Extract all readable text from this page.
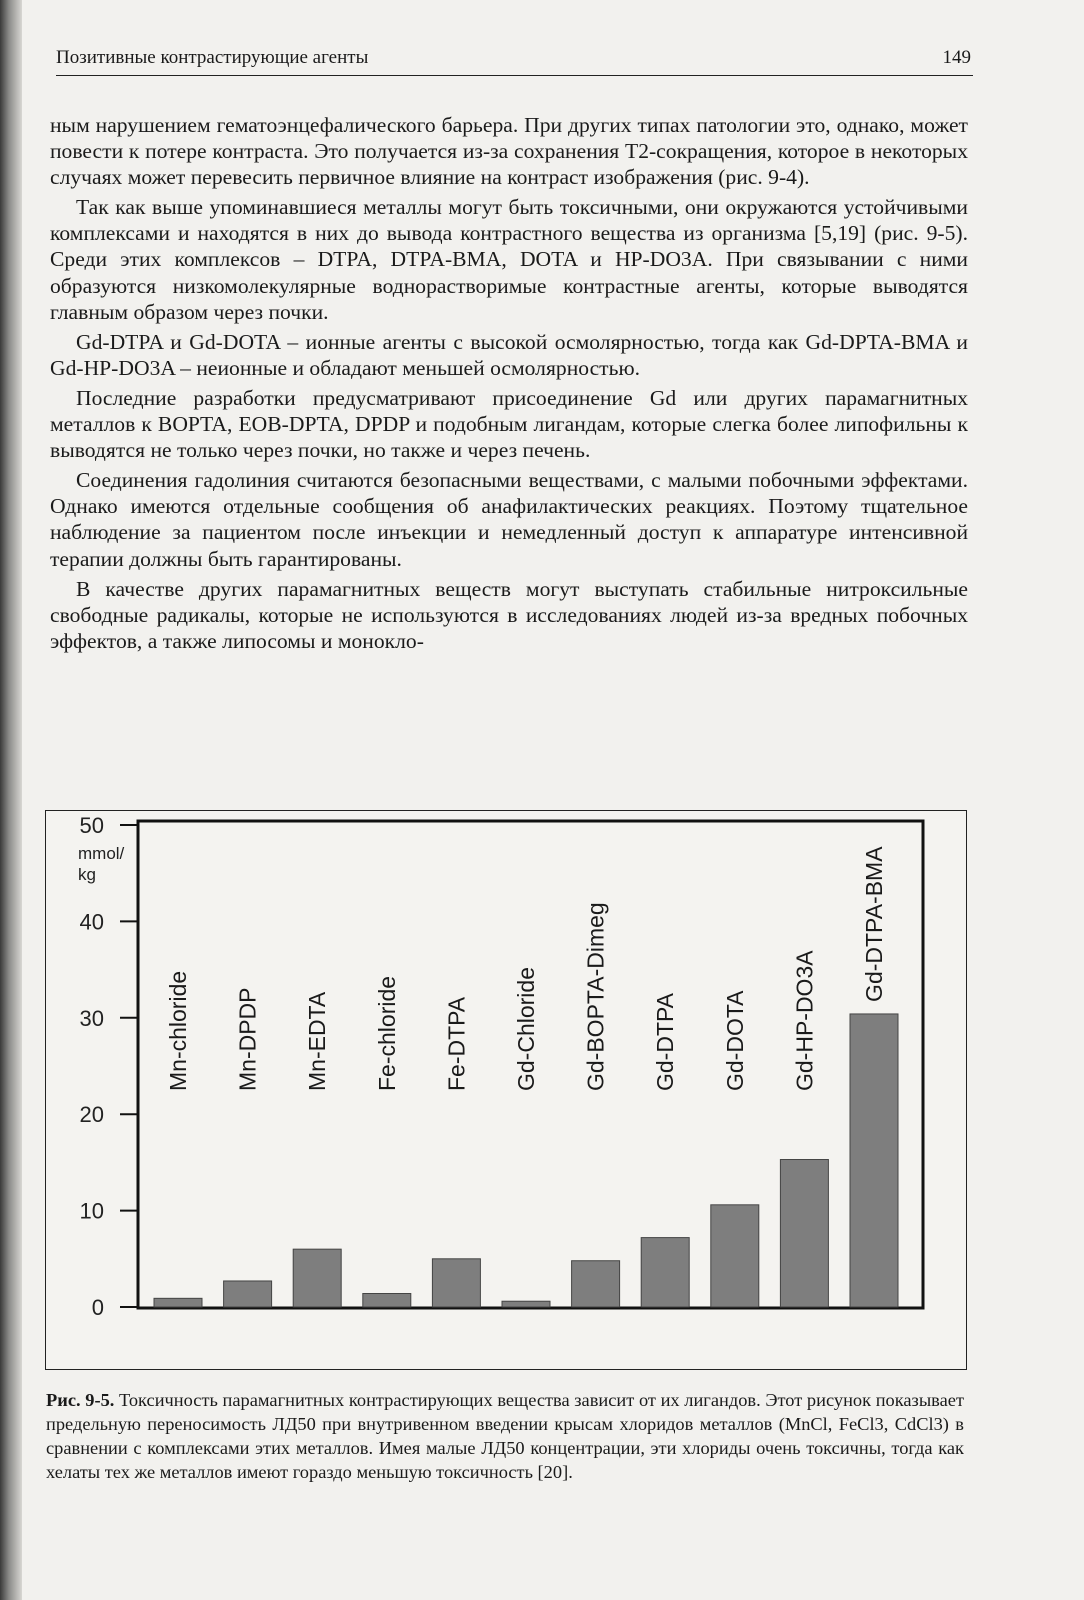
Позитивные контрастирующие агенты	149

ным нарушением гематоэнцефалического барьера. При других типах патологии это, однако, может повести к потере контраста. Это получается из-за сохранения Т2-сокращения, которое в некоторых случаях может перевесить первичное влияние на контраст изображения (рис. 9-4).

Так как выше упоминавшиеся металлы могут быть токсичными, они окружаются устойчивыми комплексами и находятся в них до вывода контрастного вещества из организма [5,19] (рис. 9-5). Среди этих комплексов – DTPA, DTPA-BMA, DOTA и HP-DO3A. При связывании с ними образуются низкомолекулярные воднорастворимые контрастные агенты, которые выводятся главным образом через почки.

Gd-DTPA и Gd-DOTA – ионные агенты с высокой осмолярностью, тогда как Gd-DPTA-BMA и Gd-HP-DO3A – неионные и обладают меньшей осмолярностью.

Последние разработки предусматривают присоединение Gd или других парамагнитных металлов к BOPTA, EOB-DPTA, DPDP и подобным лигандам, которые слегка более липофильны к выводятся не только через почки, но также и через печень.

Соединения гадолиния считаются безопасными веществами, с малыми побочными эффектами. Однако имеются отдельные сообщения об анафилактических реакциях. Поэтому тщательное наблюдение за пациентом после инъекции и немедленный доступ к аппаратуре интенсивной терапии должны быть гарантированы.

В качестве других парамагнитных веществ могут выступать стабильные нитроксильные свободные радикалы, которые не используются в исследованиях людей из-за вредных побочных эффектов, а также липосомы и моноклo-

0
10
20
30
40
50
mmol/
kg
Mn-chloride Mn-DPDP Mn-EDTA Fe-chloride Fe-DTPA Gd-Chloride Gd-BOPTA-Dimeg Gd-DTPA Gd-DOTA Gd-HP-DO3A
Gd-DTPA-BMA
Рис. 9-5. Токсичность парамагнитных контрастирующих вещества зависит от их лигандов. Этот рисунок показывает предельную переносимость ЛД50 при внутривенном введении крысам хлоридов металлов (MnCl, FeCl3, CdCl3) в сравнении с комплексами этих металлов. Имея малые ЛД50 концентрации, эти хлориды очень токсичны, тогда как хелаты тех же металлов имеют гораздо меньшую токсичность [20].
